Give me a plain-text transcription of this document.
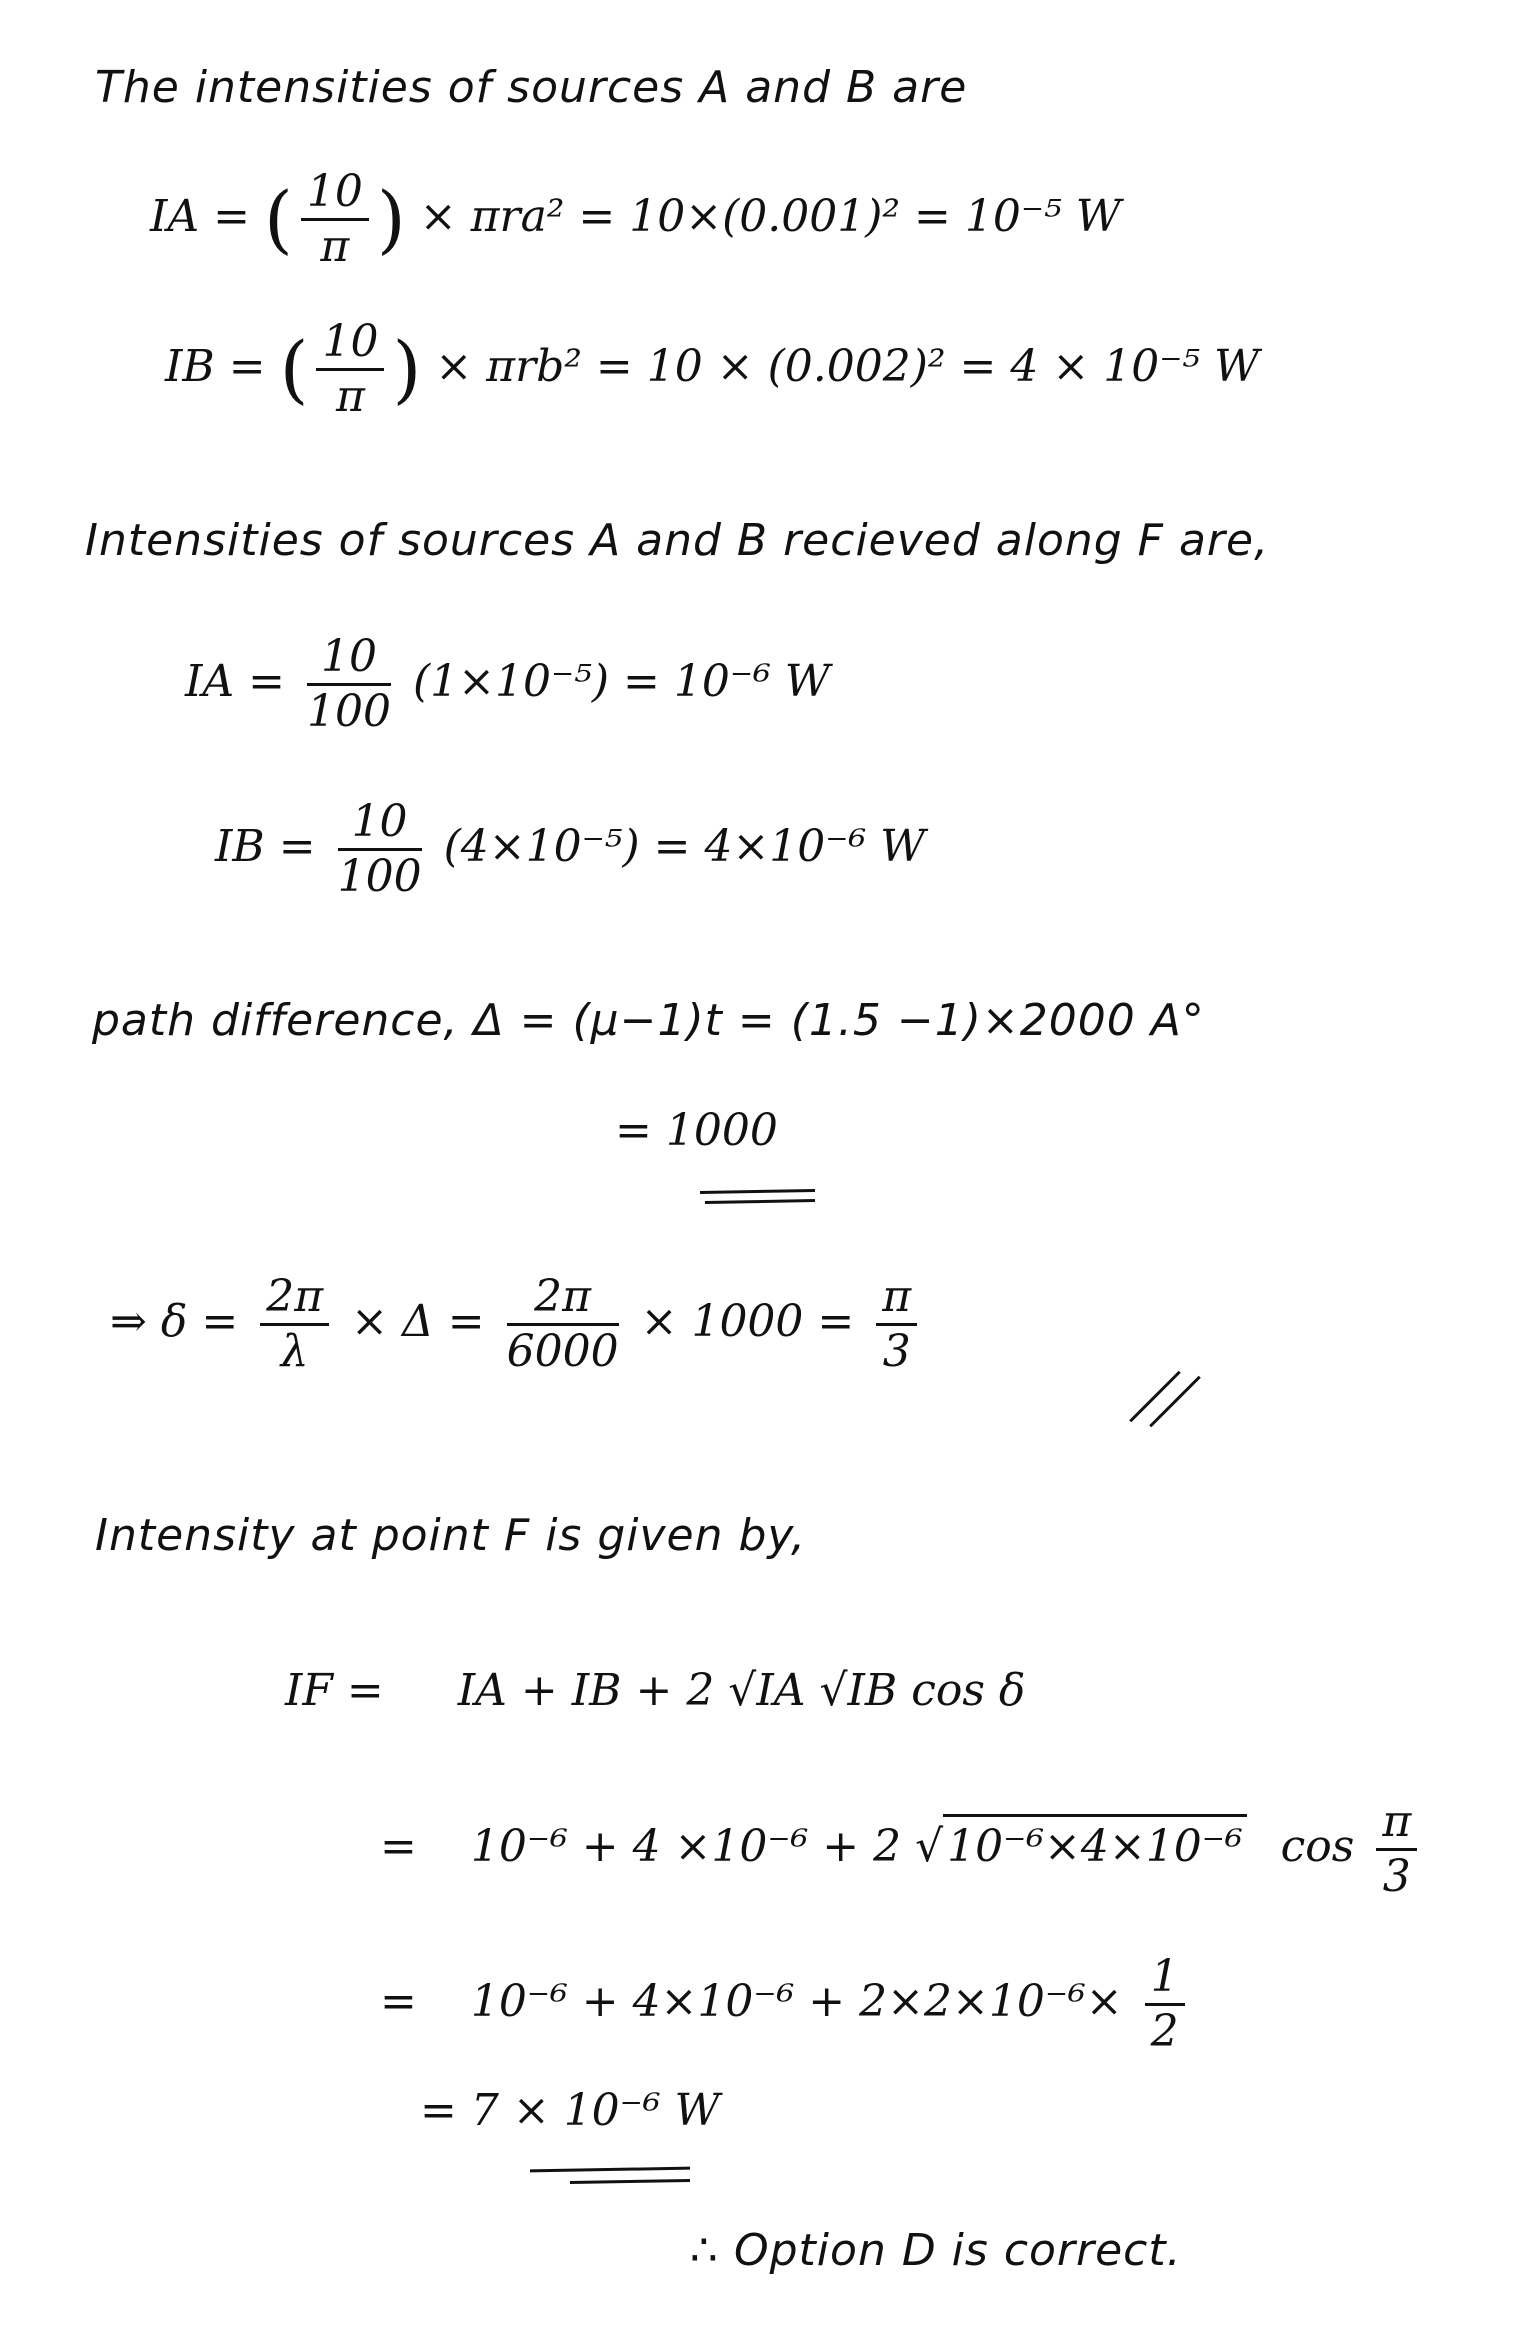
The intensities of sources A and B are
IA = ( $\frac{10}{\pi}$ ) × πra² = 10×(0.001)² = 10⁻⁵ W
IB = ( $\frac{10}{\pi}$ ) × πrb² = 10 × (0.002)² = 4 × 10⁻⁵ W
Intensities of sources A and B recieved along F are,
IA = $\frac{10}{100} (1\times 10^{-5}) = 10^{-6}$ W
IB = $\frac{10}{100} (4\times 10^{-5}) = 4\times 10^{-6}$ W
path difference, Δ = (μ−1)t = (1.5 −1)×2000 A°
= 1000
⇒ $\delta = \frac{2\pi}{\lambda} \times \Delta = \frac{2\pi}{6000} \times 1000 = \frac{\pi}{3}$
Intensity at point F is given by,
IF = IA + IB + 2 √IA √IB cos δ
= 10⁻⁶ + 4 ×10⁻⁶ + 2 √10⁻⁶×4×10⁻⁶ $\cos \frac{\pi}{3}$
= $10^{-6} + 4\times 10^{-6} + 2\times 2\times 10^{-6}\times \frac{1}{2}$
= 7 × 10⁻⁶ W
∴ Option D is correct.
